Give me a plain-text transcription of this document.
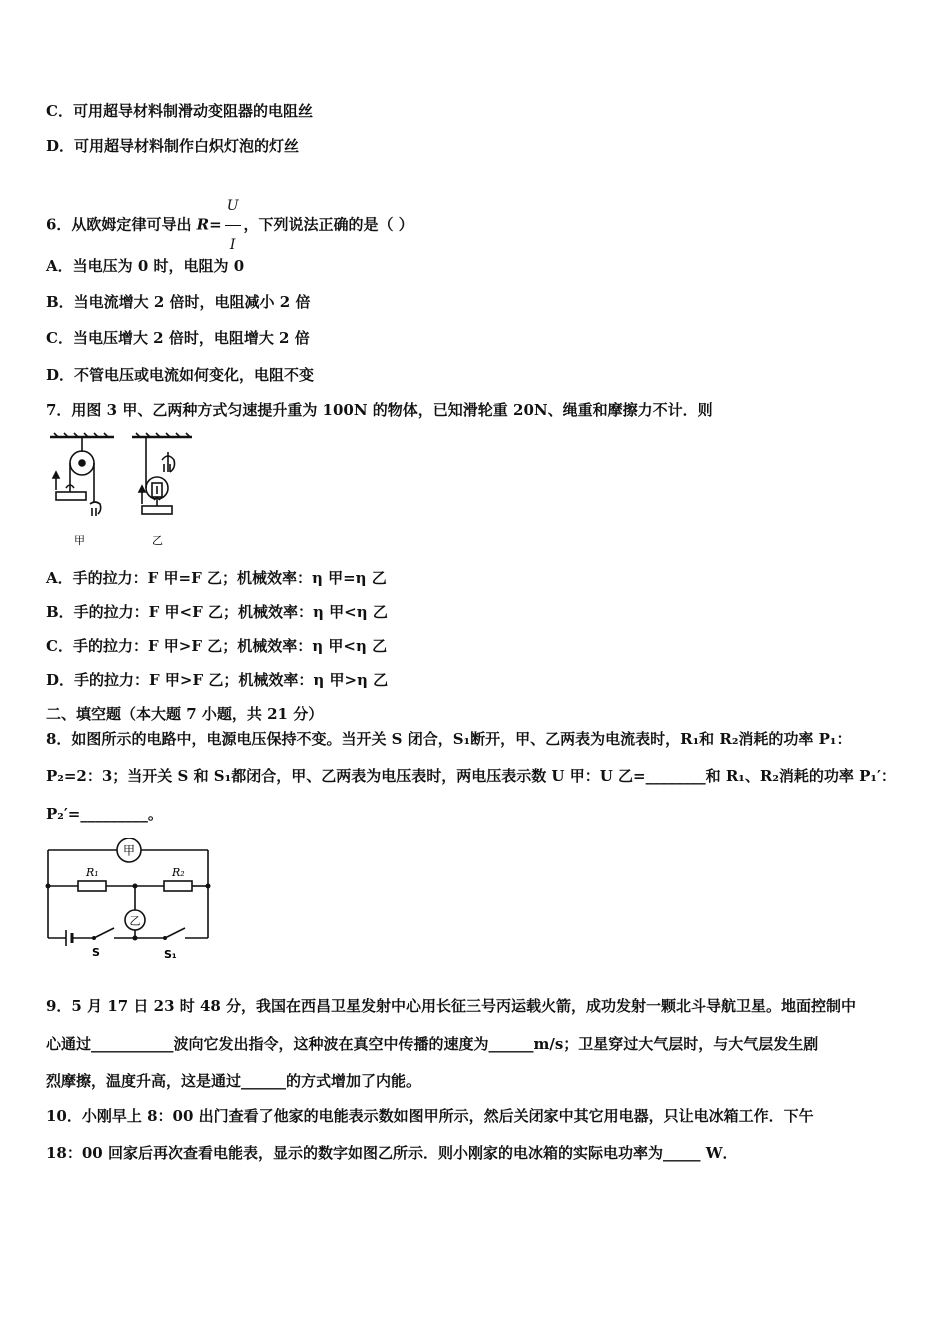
C．可用超导材料制滑动变阻器的电阻丝
D．可用超导材料制作白炽灯泡的灯丝
6．从欧姆定律可导出 $R= \frac{U}{I}$ ，下列说法正确的是（ ）
A．当电压为 0 时，电阻为 0
B．当电流增大 2 倍时，电阻减小 2 倍
C．当电压增大 2 倍时，电阻增大 2 倍
D．不管电压或电流如何变化，电阻不变
7．用图 3 甲、乙两种方式匀速提升重为 100N 的物体，已知滑轮重 20N、绳重和摩擦力不计．则
甲	乙
A．手的拉力：F 甲=F 乙；机械效率：η 甲=η 乙
B．手的拉力：F 甲<F 乙；机械效率：η 甲<η 乙
C．手的拉力：F 甲>F 乙；机械效率：η 甲<η 乙
D．手的拉力：F 甲>F 乙；机械效率：η 甲>η 乙
二、填空题（本大题 7 小题，共 21 分）
8．如图所示的电路中，电源电压保持不变。当开关 S 闭合，S₁断开，甲、乙两表为电流表时，R₁和 R₂消耗的功率 P₁：
P₂=2：3；当开关 S 和 S₁都闭合，甲、乙两表为电压表时，两电压表示数 U 甲：U 乙=________和 R₁、R₂消耗的功率 P₁′：
P₂′=_________。
甲
乙
R₁	R₂
S	S₁
9．5 月 17 日 23 时 48 分，我国在西昌卫星发射中心用长征三号丙运载火箭，成功发射一颗北斗导航卫星。地面控制中
心通过___________波向它发出指令，这种波在真空中传播的速度为______m/s；卫星穿过大气层时，与大气层发生剧
烈摩擦，温度升高，这是通过______的方式增加了内能。
10．小刚早上 8：00 出门查看了他家的电能表示数如图甲所示，然后关闭家中其它用电器，只让电冰箱工作．下午
18：00 回家后再次查看电能表，显示的数字如图乙所示．则小刚家的电冰箱的实际电功率为_____ W．
